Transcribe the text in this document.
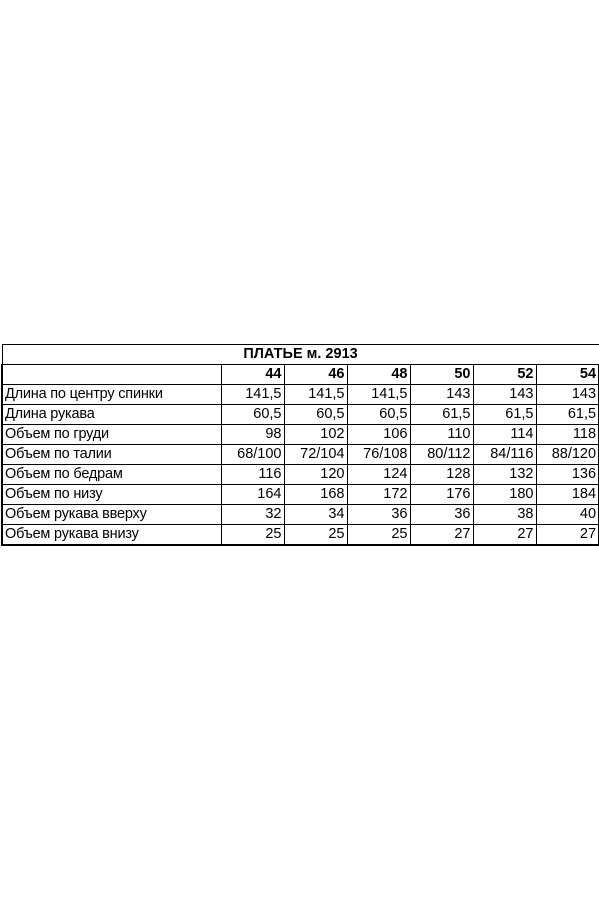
ПЛАТЬЕ м. 2913						
	44	46	48	50	52	54
Длина по центру спинки	141,5	141,5	141,5	143	143	143
Длина рукава	60,5	60,5	60,5	61,5	61,5	61,5
Объем по груди	98	102	106	110	114	118
Объем по талии	68/100	72/104	76/108	80/112	84/116	88/120
Объем по бедрам	116	120	124	128	132	136
Объем по низу	164	168	172	176	180	184
Объем рукава вверху	32	34	36	36	38	40
Объем рукава внизу	25	25	25	27	27	27
